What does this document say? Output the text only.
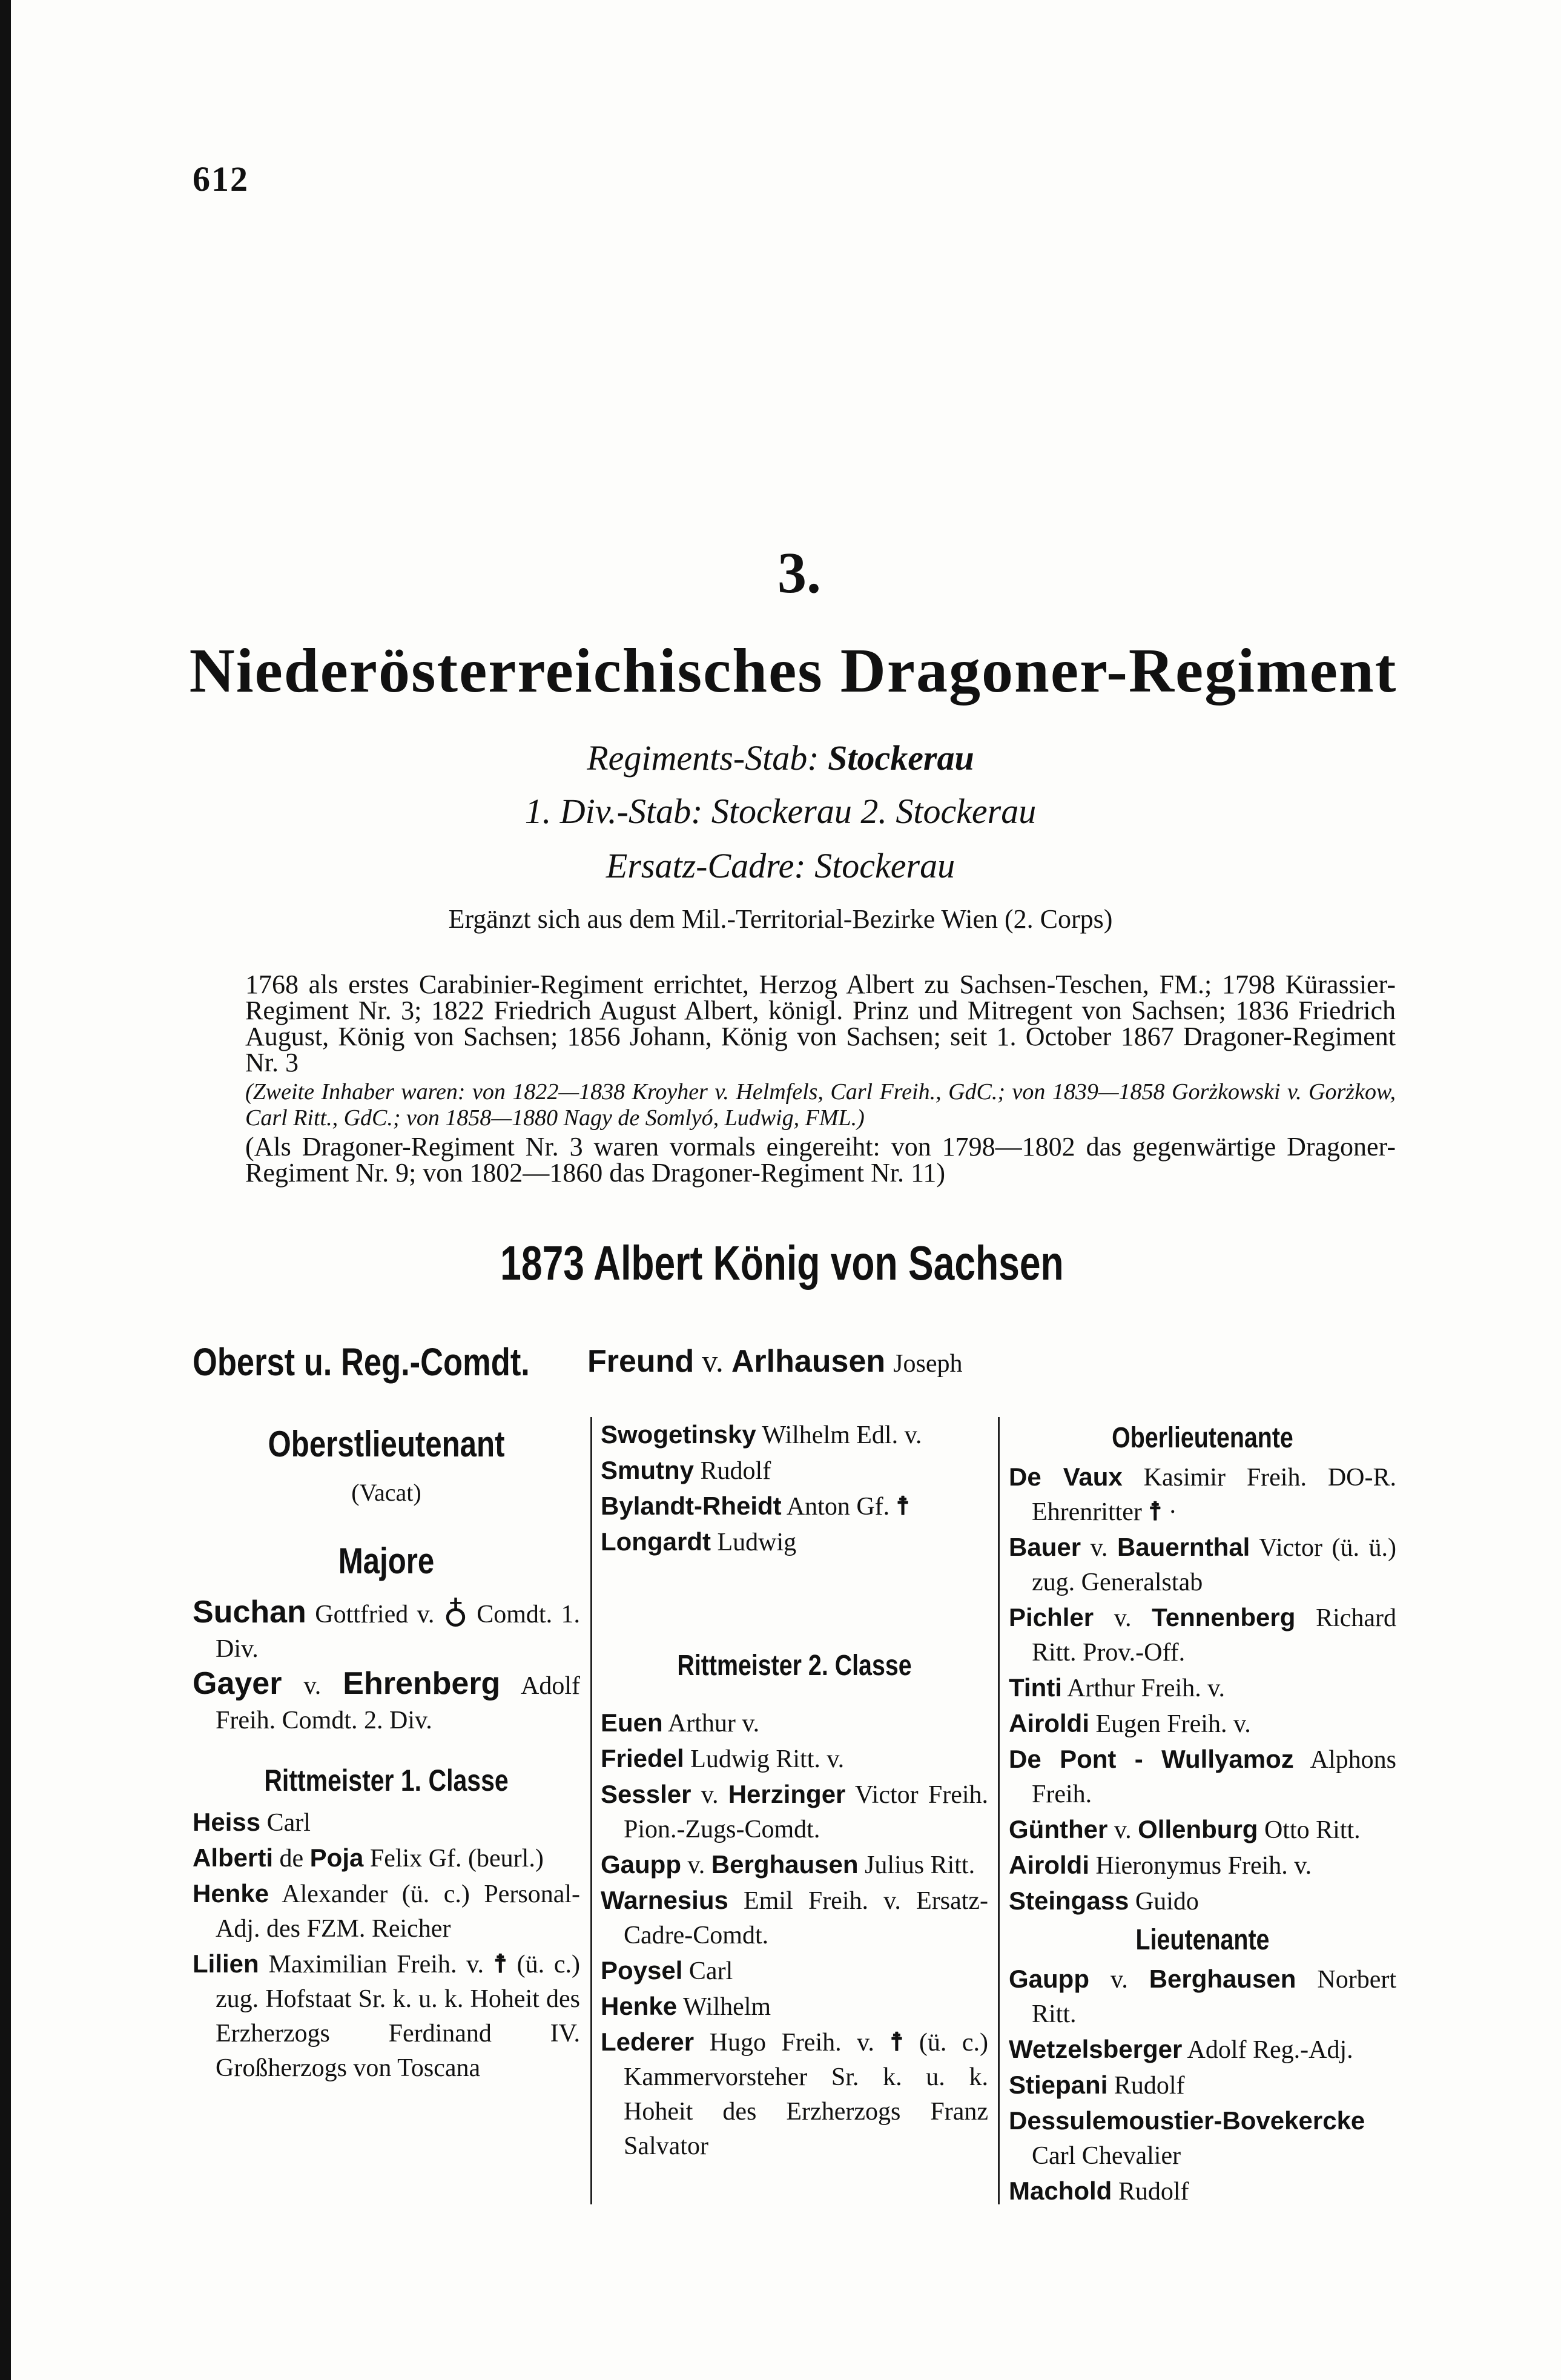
612
3.
Niederösterreichisches Dragoner-Regiment
Regiments-Stab: Stockerau
1. Div.-Stab: Stockerau 2. Stockerau
Ersatz-Cadre: Stockerau
Ergänzt sich aus dem Mil.-Territorial-Bezirke Wien (2. Corps)
1768 als erstes Carabinier-Regiment errichtet, Herzog Albert zu Sachsen-Teschen, FM.; 1798 Kürassier-Regiment Nr. 3; 1822 Friedrich August Albert, königl. Prinz und Mitregent von Sachsen; 1836 Friedrich August, König von Sachsen; 1856 Johann, König von Sachsen; seit 1. October 1867 Dragoner-Regiment Nr. 3
(Zweite Inhaber waren: von 1822—1838 Kroyher v. Helmfels, Carl Freih., GdC.; von 1839—1858 Gorżkowski v. Gorżkow, Carl Ritt., GdC.; von 1858—1880 Nagy de Somlyó, Ludwig, FML.)
(Als Dragoner-Regiment Nr. 3 waren vormals eingereiht: von 1798—1802 das gegenwärtige Dragoner-Regiment Nr. 9; von 1802—1860 das Dragoner-Regiment Nr. 11)
1873 Albert König von Sachsen
Oberst u. Reg.-Comdt. Freund v. Arlhausen Joseph
Oberstlieutenant
(Vacat)
Majore
Suchan Gottfried v. ♁ Comdt. 1. Div.
Gayer v. Ehrenberg Adolf Freih. Comdt. 2. Div.
Rittmeister 1. Classe
Heiss Carl
Alberti de Poja Felix Gf. (beurl.)
Henke Alexander (ü. c.) Personal-Adj. des FZM. Reicher
Lilien Maximilian Freih. v. ☨ (ü. c.) zug. Hofstaat Sr. k. u. k. Hoheit des Erzherzogs Ferdinand IV. Großherzogs von Toscana
Swogetinsky Wilhelm Edl. v.
Smutny Rudolf
Bylandt-Rheidt Anton Gf. ☨
Longardt Ludwig
Rittmeister 2. Classe
Euen Arthur v.
Friedel Ludwig Ritt. v.
Sessler v. Herzinger Victor Freih. Pion.-Zugs-Comdt.
Gaupp v. Berghausen Julius Ritt.
Warnesius Emil Freih. v. Ersatz-Cadre-Comdt.
Poysel Carl
Henke Wilhelm
Lederer Hugo Freih. v. ☨ (ü. c.) Kammervorsteher Sr. k. u. k. Hoheit des Erzherzogs Franz Salvator
Oberlieutenante
De Vaux Kasimir Freih. DO-R. Ehrenritter ☨ ·
Bauer v. Bauernthal Victor (ü. ü.) zug. Generalstab
Pichler v. Tennenberg Richard Ritt. Prov.-Off.
Tinti Arthur Freih. v.
Airoldi Eugen Freih. v.
De Pont - Wullyamoz Alphons Freih.
Günther v. Ollenburg Otto Ritt.
Airoldi Hieronymus Freih. v.
Steingass Guido
Lieutenante
Gaupp v. Berghausen Norbert Ritt.
Wetzelsberger Adolf Reg.-Adj.
Stiepani Rudolf
Dessulemoustier-Bovekercke Carl Chevalier
Machold Rudolf
